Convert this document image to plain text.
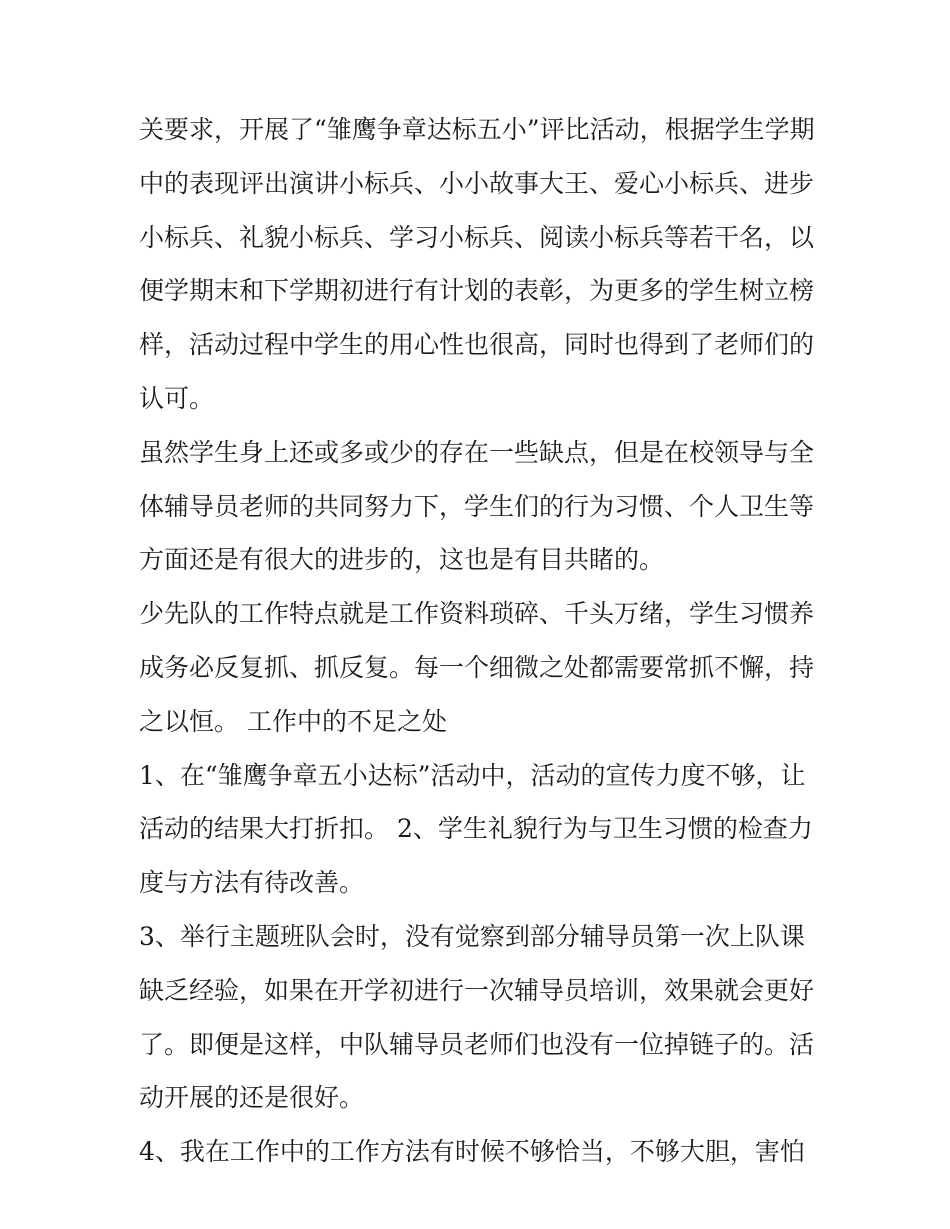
关要求，开展了“雏鹰争章达标五小”评比活动，根据学生学期
中的表现评出演讲小标兵、小小故事大王、爱心小标兵、进步
小标兵、礼貌小标兵、学习小标兵、阅读小标兵等若干名，以
便学期末和下学期初进行有计划的表彰，为更多的学生树立榜
样，活动过程中学生的用心性也很高，同时也得到了老师们的
认可。
虽然学生身上还或多或少的存在一些缺点，但是在校领导与全
体辅导员老师的共同努力下，学生们的行为习惯、个人卫生等
方面还是有很大的进步的，这也是有目共睹的。
少先队的工作特点就是工作资料琐碎、千头万绪，学生习惯养
成务必反复抓、抓反复。每一个细微之处都需要常抓不懈，持
之以恒。 工作中的不足之处
1、在“雏鹰争章五小达标”活动中，活动的宣传力度不够，让
活动的结果大打折扣。 2、学生礼貌行为与卫生习惯的检查力
度与方法有待改善。
3、举行主题班队会时，没有觉察到部分辅导员第一次上队课
缺乏经验，如果在开学初进行一次辅导员培训，效果就会更好
了。即便是这样，中队辅导员老师们也没有一位掉链子的。活
动开展的还是很好。
4、我在工作中的工作方法有时候不够恰当，不够大胆，害怕
